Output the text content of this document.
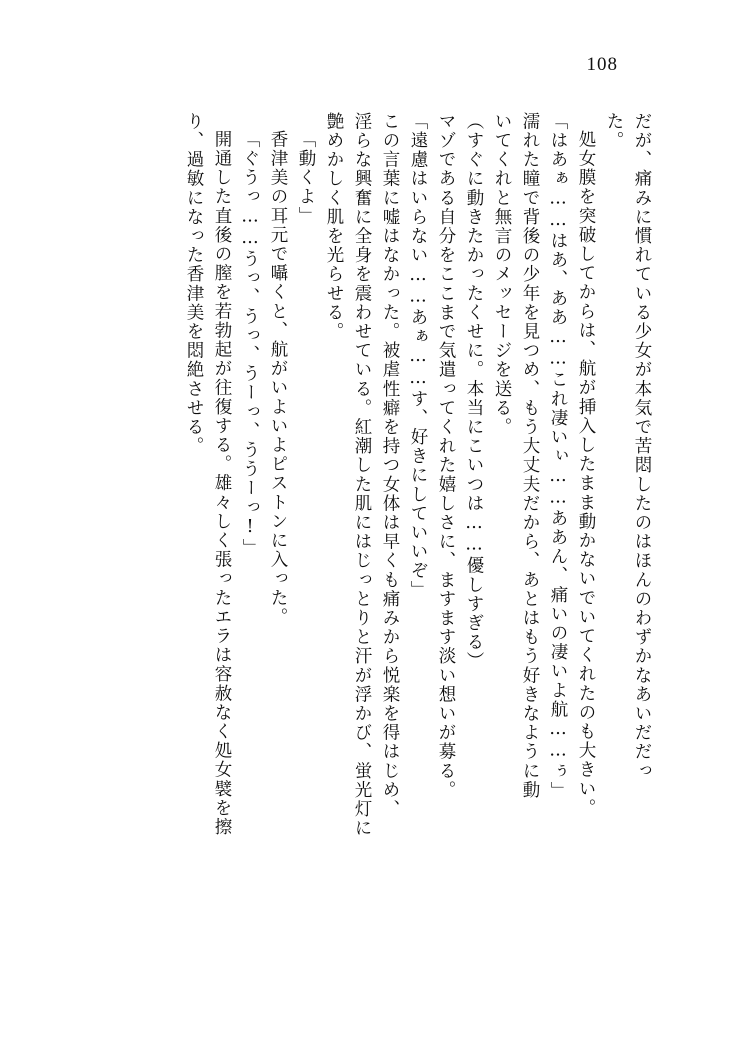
108
だが、痛みに慣れている少女が本気で苦悶したのはほんのわずかなあいだだっ
た。
処女膜を突破してからは、航が挿入したまま動かないでいてくれたのも大きい。
「はあぁ……はあ、ああ……これ凄いぃ……ああん、痛いの凄いよ航……ぅ」
濡れた瞳で背後の少年を見つめ、もう大丈夫だから、あとはもう好きなように動
いてくれと無言のメッセージを送る。
（すぐに動きたかったくせに。本当にこいつは……優しすぎる）
マゾである自分をここまで気遣ってくれた嬉しさに、ますます淡い想いが募る。
「遠慮はいらない……あぁ……す、好きにしていいぞ」
この言葉に嘘はなかった。被虐性癖を持つ女体は早くも痛みから悦楽を得はじめ、
淫らな興奮に全身を震わせている。紅潮した肌にはじっとりと汗が浮かび、蛍光灯に
艶めかしく肌を光らせる。
「動くよ」
香津美の耳元で囁くと、航がいよいよピストンに入った。
「ぐうっ……うっ、うっ、うーっ、ううーっ!」
開通した直後の膣を若勃起が往復する。雄々しく張ったエラは容赦なく処女襞を擦
り、過敏になった香津美を悶絶させる。
